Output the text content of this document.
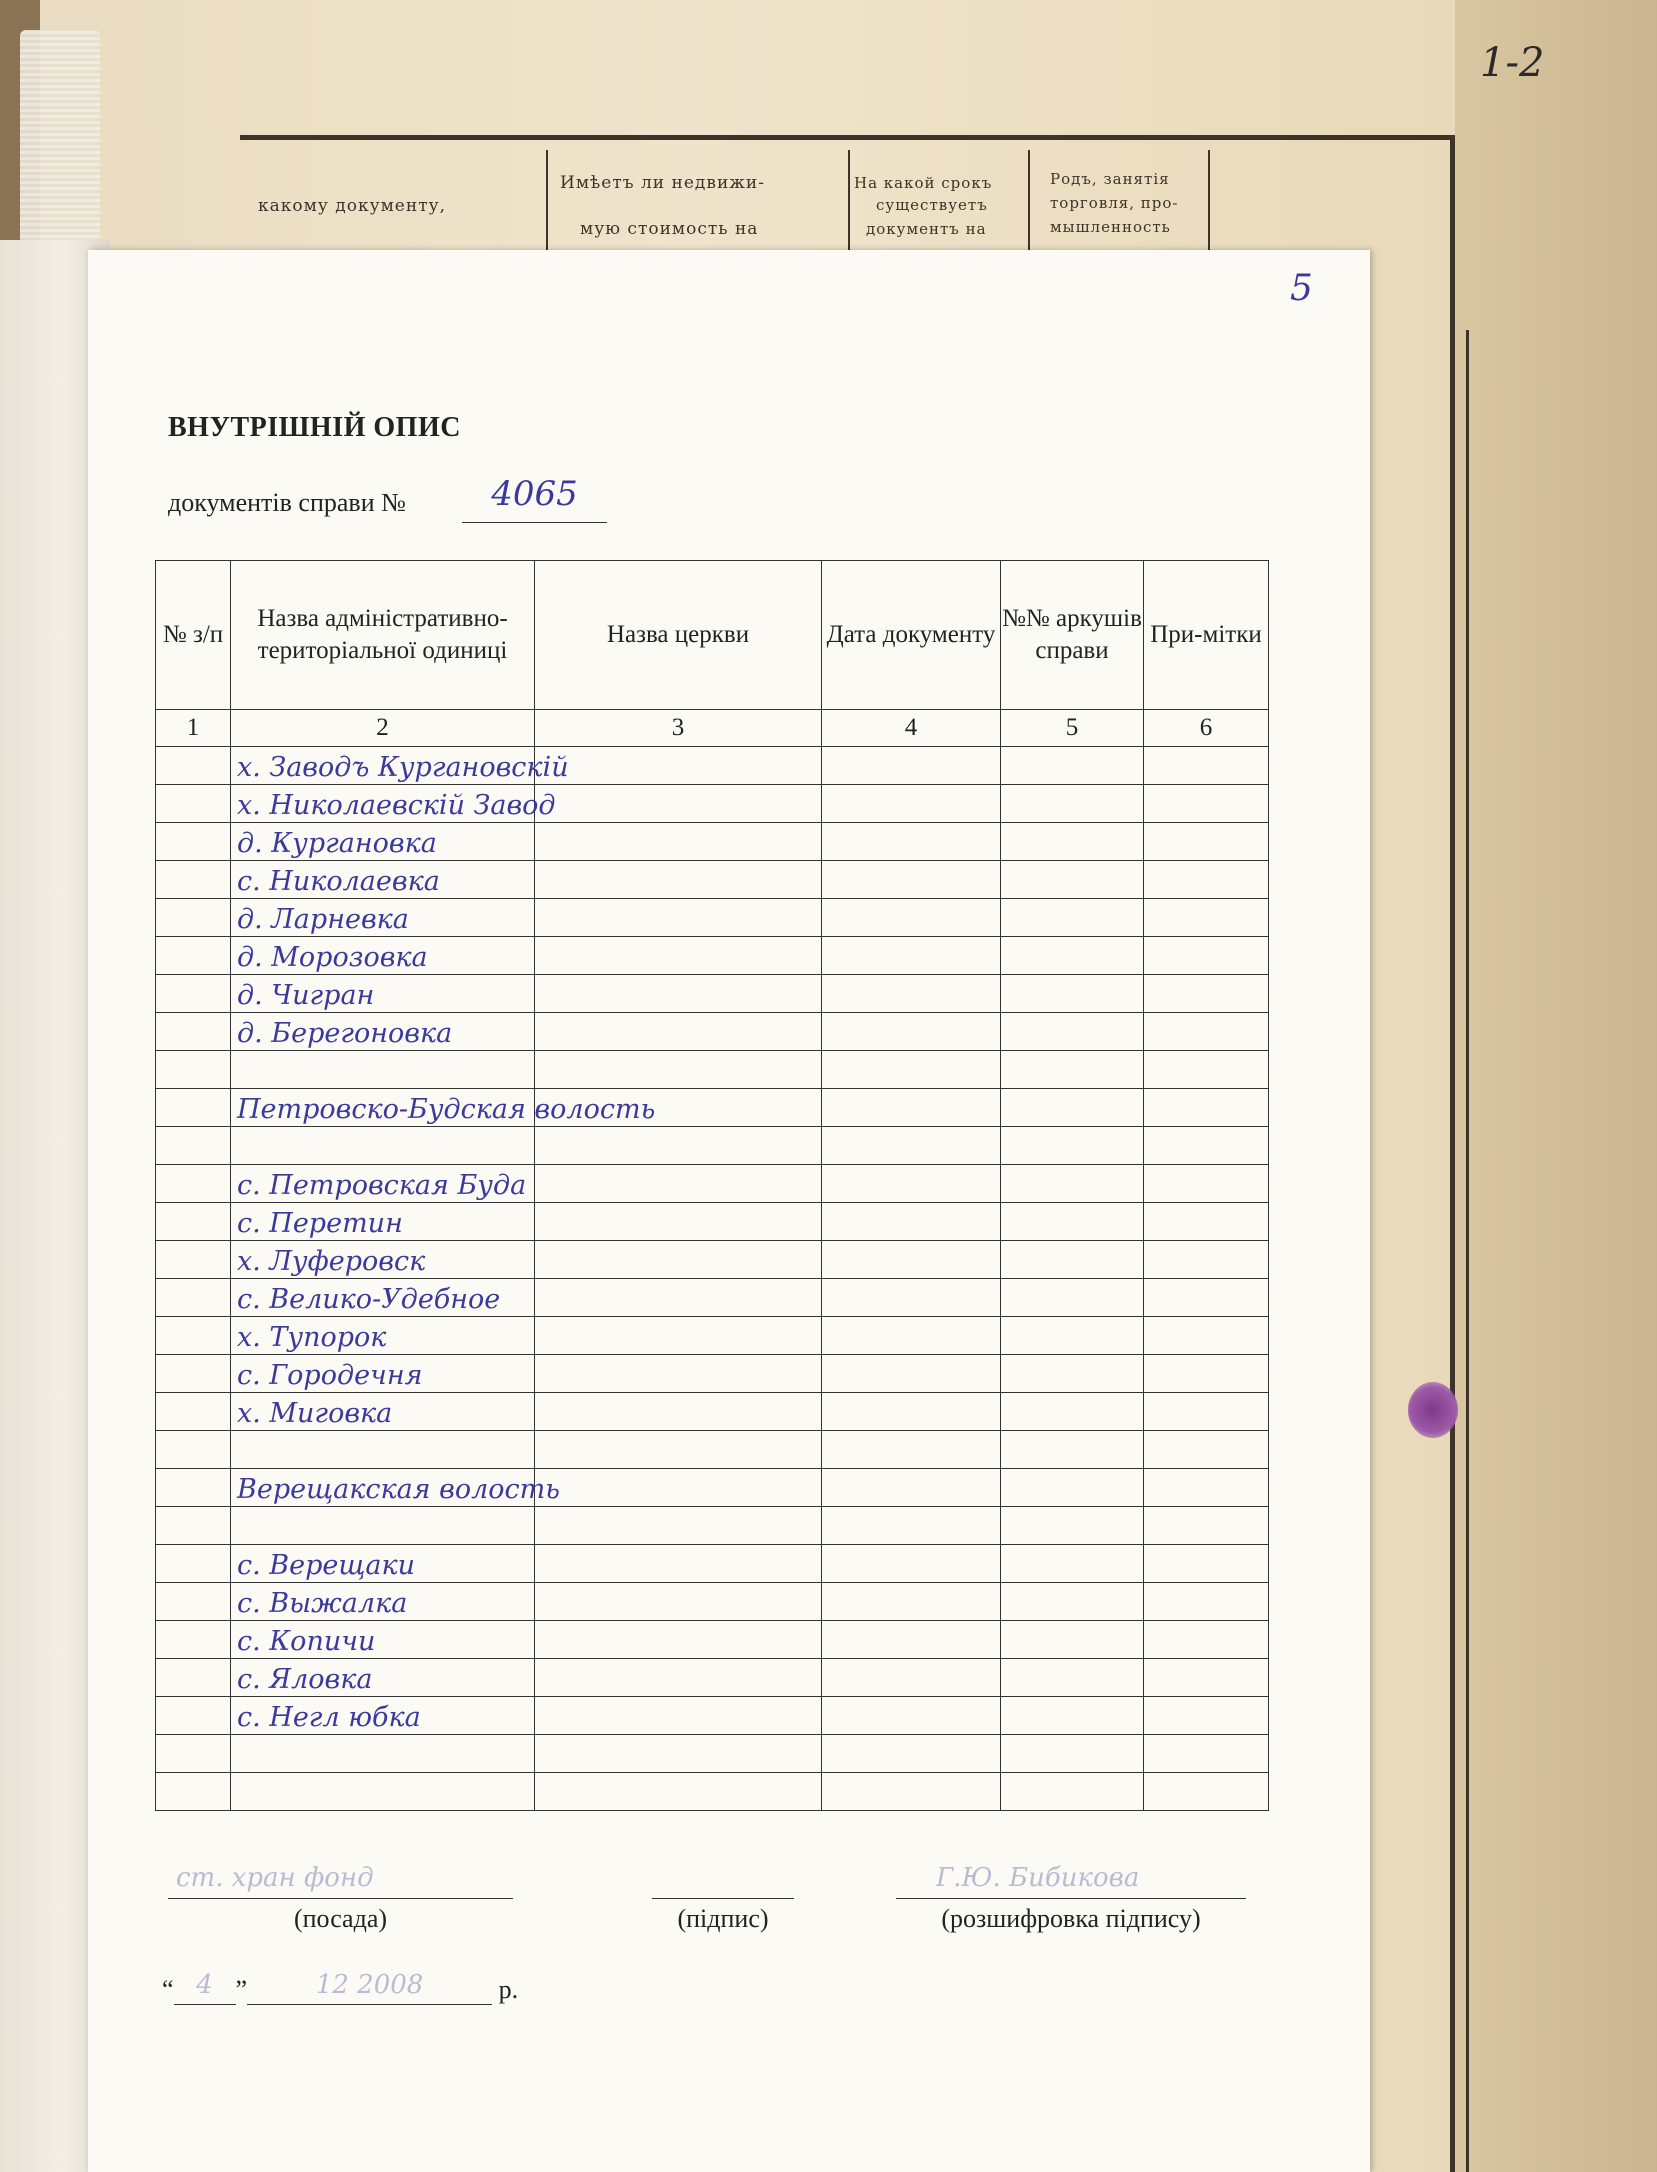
какому документу,
Имѣетъ ли недвижи-
мую стоимость на
На какой срокъ
существуетъ
документъ на
Родъ, занятія
торговля, про-
мышленность
1-2
5
ВНУТРІШНІЙ ОПИС
документів справи №	4065
№ з/п	Назва адміністративно-територіальної одиниці	Назва церкви	Дата документу	№№ аркушів справи	При-мітки
1	2	3	4	5	6
	х. Заводъ Кургановскій				
	х. Николаевскій Завод				
	д. Кургановка				
	с. Николаевка				
	д. Ларневка				
	д. Морозовка				
	д. Чигран				
	д. Берегоновка				

	Петровско-Будская волость				

	с. Петровская Буда				
	с. Перетин				
	х. Луферовск				
	с. Велико-Удебное				
	х. Тупорок				
	с. Городечня				
	х. Миговка				

	Верещакская волость				

	с. Верещаки				
	с. Выжалка				
	с. Копичи				
	с. Яловка				
	с. Негл юбка				

ст. хран фонд	Г.Ю. Бибикова
(посада)	(підпис)	(розшифровка підпису)
“ 4 ”	12 2008	р.
